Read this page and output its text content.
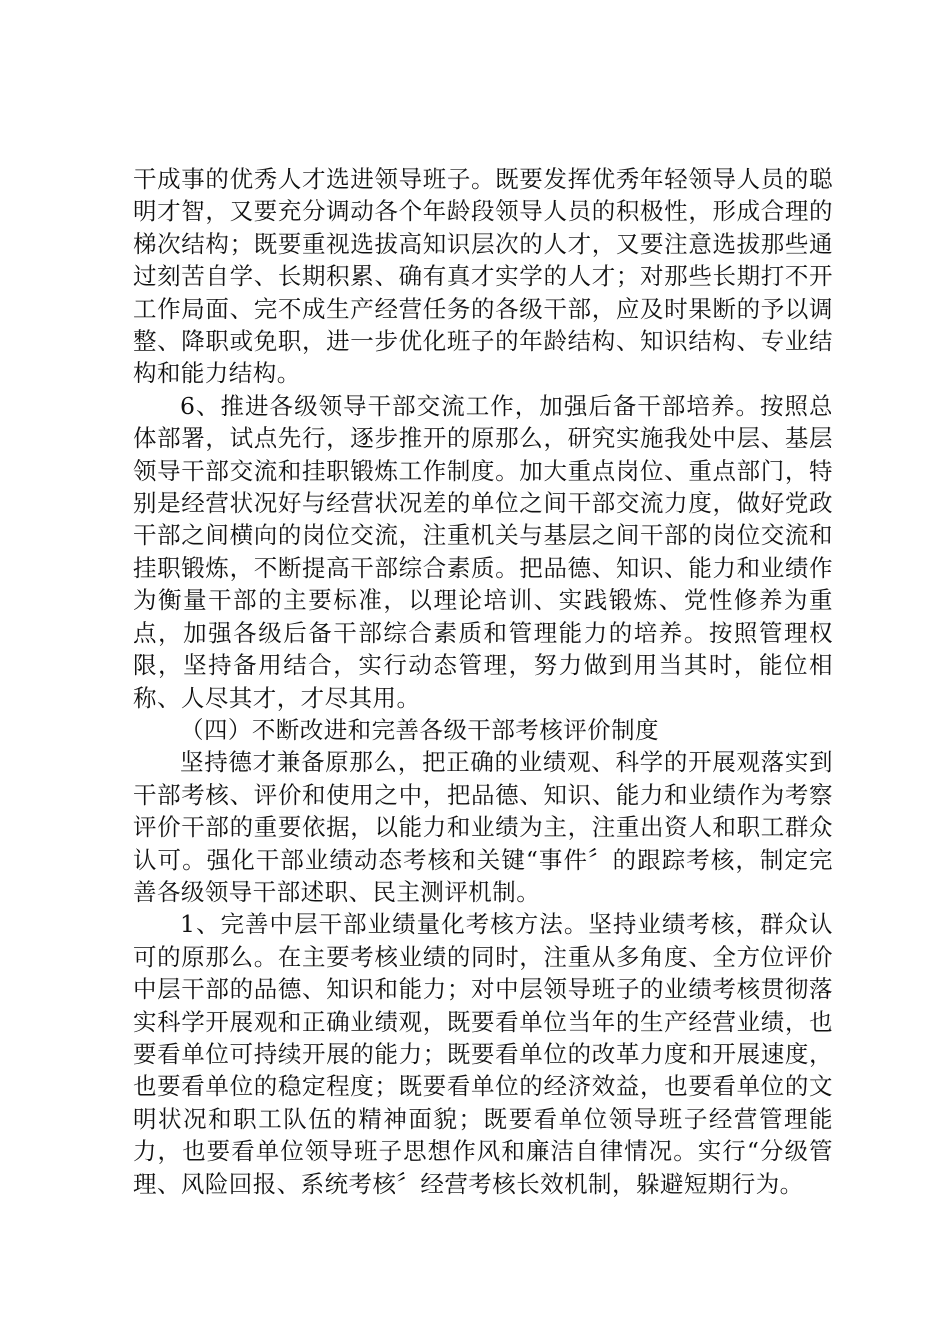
干成事的优秀人才选进领导班子。既要发挥优秀年轻领导人员的聪明才智，又要充分调动各个年龄段领导人员的积极性，形成合理的梯次结构；既要重视选拔高知识层次的人才，又要注意选拔那些通过刻苦自学、长期积累、确有真才实学的人才；对那些长期打不开工作局面、完不成生产经营任务的各级干部，应及时果断的予以调整、降职或免职，进一步优化班子的年龄结构、知识结构、专业结构和能力结构。

6、推进各级领导干部交流工作，加强后备干部培养。按照总体部署，试点先行，逐步推开的原那么，研究实施我处中层、基层领导干部交流和挂职锻炼工作制度。加大重点岗位、重点部门，特别是经营状况好与经营状况差的单位之间干部交流力度，做好党政干部之间横向的岗位交流，注重机关与基层之间干部的岗位交流和挂职锻炼，不断提高干部综合素质。把品德、知识、能力和业绩作为衡量干部的主要标准，以理论培训、实践锻炼、党性修养为重点，加强各级后备干部综合素质和管理能力的培养。按照管理权限，坚持备用结合，实行动态管理，努力做到用当其时，能位相称、人尽其才，才尽其用。

（四）不断改进和完善各级干部考核评价制度

坚持德才兼备原那么，把正确的业绩观、科学的开展观落实到干部考核、评价和使用之中，把品德、知识、能力和业绩作为考察评价干部的重要依据，以能力和业绩为主，注重出资人和职工群众认可。强化干部业绩动态考核和关键“事件〞的跟踪考核，制定完善各级领导干部述职、民主测评机制。

1、完善中层干部业绩量化考核方法。坚持业绩考核，群众认可的原那么。在主要考核业绩的同时，注重从多角度、全方位评价中层干部的品德、知识和能力；对中层领导班子的业绩考核贯彻落实科学开展观和正确业绩观，既要看单位当年的生产经营业绩，也要看单位可持续开展的能力；既要看单位的改革力度和开展速度，也要看单位的稳定程度；既要看单位的经济效益，也要看单位的文明状况和职工队伍的精神面貌；既要看单位领导班子经营管理能力，也要看单位领导班子思想作风和廉洁自律情况。实行“分级管理、风险回报、系统考核〞经营考核长效机制，躲避短期行为。
